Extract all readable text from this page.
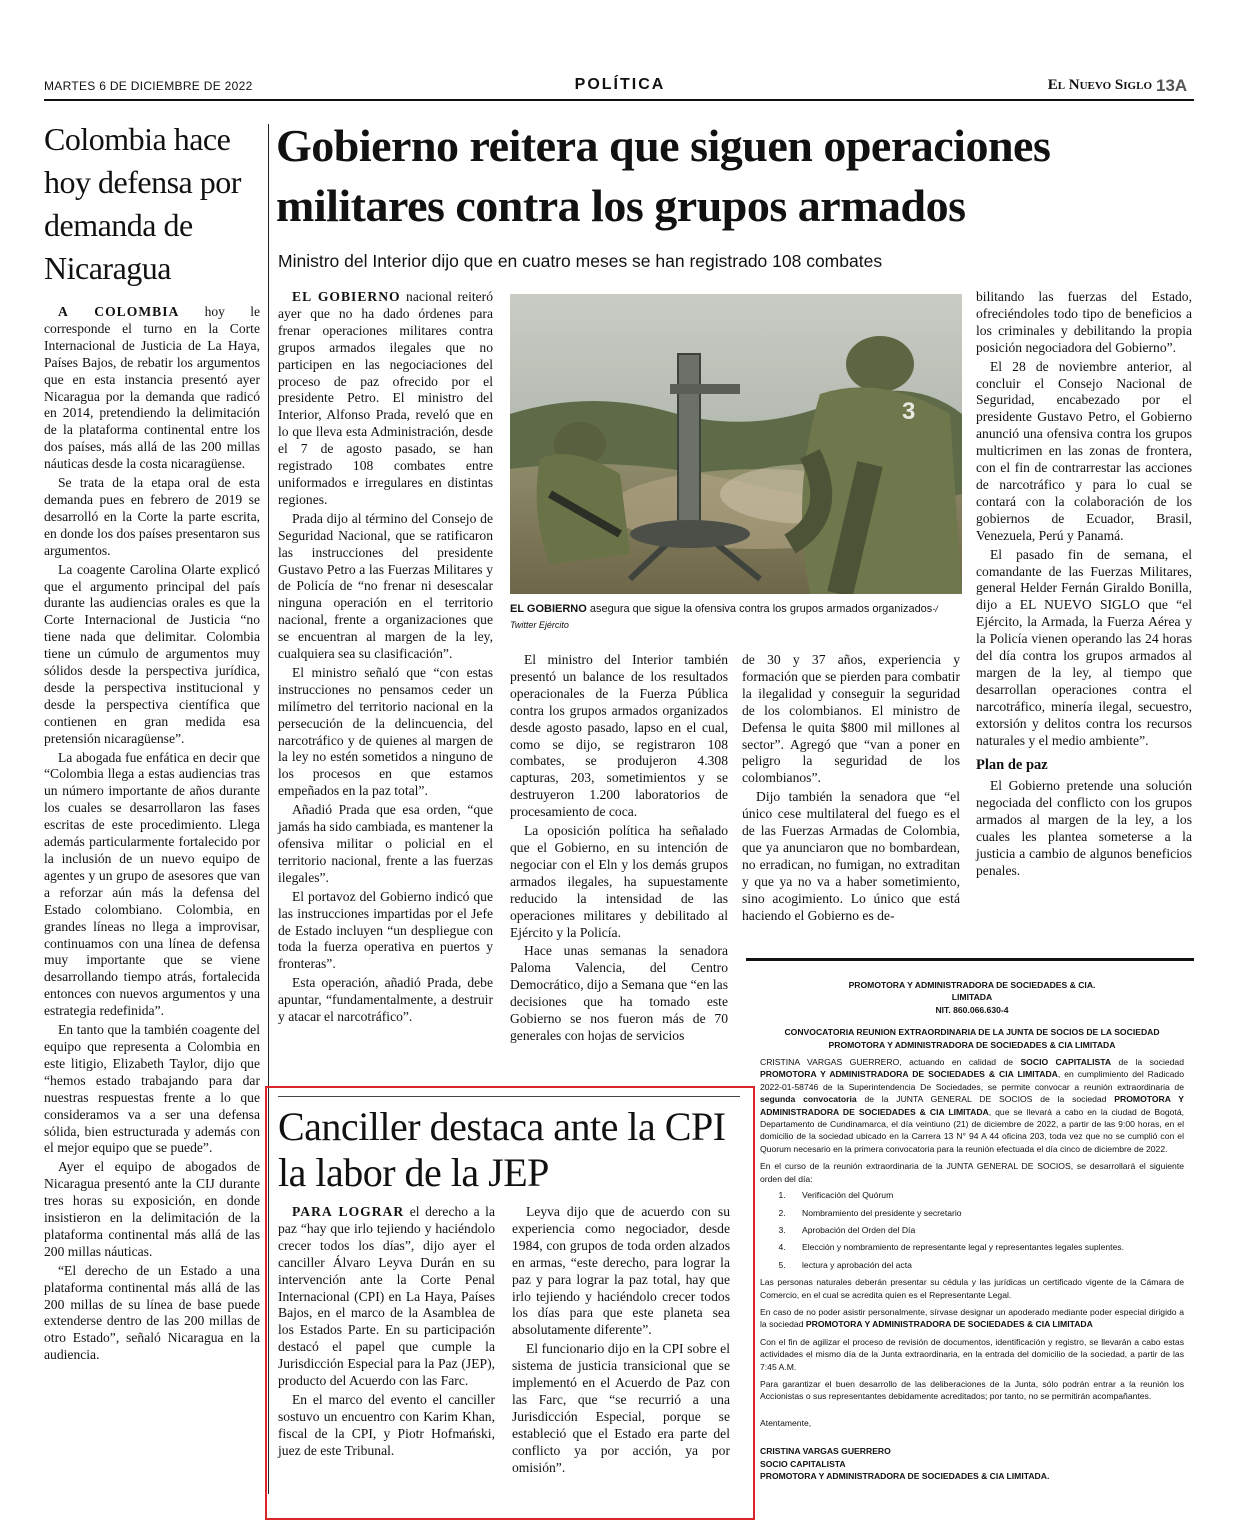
MARTES 6 DE DICIEMBRE DE 2022	POLÍTICA	El Nuevo Siglo 13A
Colombia hace hoy defensa por demanda de Nicaragua

A COLOMBIA hoy le corresponde el turno en la Corte Internacional de Justicia de La Haya, Países Bajos, de rebatir los argumentos que en esta instancia presentó ayer Nicaragua por la demanda que radicó en 2014, pretendiendo la delimitación de la plataforma continental entre los dos países, más allá de las 200 millas náuticas desde la costa nicaragüense.

Se trata de la etapa oral de esta demanda pues en febrero de 2019 se desarrolló en la Corte la parte escrita, en donde los dos países presentaron sus argumentos.

La coagente Carolina Olarte explicó que el argumento principal del país durante las audiencias orales es que la Corte Internacional de Justicia “no tiene nada que delimitar. Colombia tiene un cúmulo de argumentos muy sólidos desde la perspectiva jurídica, desde la perspectiva institucional y desde la perspectiva científica que contienen en gran medida esa pretensión nicaragüense”.

La abogada fue enfática en decir que “Colombia llega a estas audiencias tras un número importante de años durante los cuales se desarrollaron las fases escritas de este procedimiento. Llega además particularmente fortalecido por la inclusión de un nuevo equipo de agentes y un grupo de asesores que van a reforzar aún más la defensa del Estado colombiano. Colombia, en grandes líneas no llega a improvisar, continuamos con una línea de defensa muy importante que se viene desarrollando tiempo atrás, fortalecida entonces con nuevos argumentos y una estrategia redefinida”.

En tanto que la también coagente del equipo que representa a Colombia en este litigio, Elizabeth Taylor, dijo que “hemos estado trabajando para dar nuestras respuestas frente a lo que consideramos va a ser una defensa sólida, bien estructurada y además con el mejor equipo que se puede”.

Ayer el equipo de abogados de Nicaragua presentó ante la CIJ durante tres horas su exposición, en donde insistieron en la delimitación de la plataforma continental más allá de las 200 millas náuticas.

“El derecho de un Estado a una plataforma continental más allá de las 200 millas de su línea de base puede extenderse dentro de las 200 millas de otro Estado”, señaló Nicaragua en la audiencia.

Gobierno reitera que siguen operaciones militares contra los grupos armados
Ministro del Interior dijo que en cuatro meses se han registrado 108 combates

EL GOBIERNO nacional reiteró ayer que no ha dado órdenes para frenar operaciones militares contra grupos armados ilegales que no participen en las negociaciones del proceso de paz ofrecido por el presidente Petro. El ministro del Interior, Alfonso Prada, reveló que en lo que lleva esta Administración, desde el 7 de agosto pasado, se han registrado 108 combates entre uniformados e irregulares en distintas regiones.

Prada dijo al término del Consejo de Seguridad Nacional, que se ratificaron las instrucciones del presidente Gustavo Petro a las Fuerzas Militares y de Policía de “no frenar ni desescalar ninguna operación en el territorio nacional, frente a organizaciones que se encuentran al margen de la ley, cualquiera sea su clasificación”.

El ministro señaló que “con estas instrucciones no pensamos ceder un milímetro del territorio nacional en la persecución de la delincuencia, del narcotráfico y de quienes al margen de la ley no estén sometidos a ninguno de los procesos en que estamos empeñados en la paz total”.

Añadió Prada que esa orden, “que jamás ha sido cambiada, es mantener la ofensiva militar o policial en el territorio nacional, frente a las fuerzas ilegales”.

El portavoz del Gobierno indicó que las instrucciones impartidas por el Jefe de Estado incluyen “un despliegue con toda la fuerza operativa en puertos y fronteras”.

Esta operación, añadió Prada, debe apuntar, “fundamentalmente, a destruir y atacar el narcotráfico”.

3
EL GOBIERNO asegura que sigue la ofensiva contra los grupos armados organizados-/ Twitter Ejército

El ministro del Interior también presentó un balance de los resultados operacionales de la Fuerza Pública contra los grupos armados organizados desde agosto pasado, lapso en el cual, como se dijo, se registraron 108 combates, se produjeron 4.308 capturas, 203, sometimientos y se destruyeron 1.200 laboratorios de procesamiento de coca.

La oposición política ha señalado que el Gobierno, en su intención de negociar con el Eln y los demás grupos armados ilegales, ha supuestamente reducido la intensidad de las operaciones militares y debilitado al Ejército y la Policía.

Hace unas semanas la senadora Paloma Valencia, del Centro Democrático, dijo a Semana que “en las decisiones que ha tomado este Gobierno se nos fueron más de 70 generales con hojas de servicios

de 30 y 37 años, experiencia y formación que se pierden para combatir la ilegalidad y conseguir la seguridad de los colombianos. El ministro de Defensa le quita $800 mil millones al sector”. Agregó que “van a poner en peligro la seguridad de los colombianos”.

Dijo también la senadora que “el único cese multilateral del fuego es el de las Fuerzas Armadas de Colombia, que ya anunciaron que no bombardean, no erradican, no fumigan, no extraditan y que ya no va a haber sometimiento, sino acogimiento. Lo único que está haciendo el Gobierno es de-

bilitando las fuerzas del Estado, ofreciéndoles todo tipo de beneficios a los criminales y debilitando la propia posición negociadora del Gobierno”.

El 28 de noviembre anterior, al concluir el Consejo Nacional de Seguridad, encabezado por el presidente Gustavo Petro, el Gobierno anunció una ofensiva contra los grupos multicrimen en las zonas de frontera, con el fin de contrarrestar las acciones de narcotráfico y para lo cual se contará con la colaboración de los gobiernos de Ecuador, Brasil, Venezuela, Perú y Panamá.

El pasado fin de semana, el comandante de las Fuerzas Militares, general Helder Fernán Giraldo Bonilla, dijo a EL NUEVO SIGLO que “el Ejército, la Armada, la Fuerza Aérea y la Policía vienen operando las 24 horas del día contra los grupos armados al margen de la ley, al tiempo que desarrollan operaciones contra el narcotráfico, minería ilegal, secuestro, extorsión y delitos contra los recursos naturales y el medio ambiente”.

Plan de paz

El Gobierno pretende una solución negociada del conflicto con los grupos armados al margen de la ley, a los cuales les plantea someterse a la justicia a cambio de algunos beneficios penales.

Canciller destaca ante la CPI la labor de la JEP

PARA LOGRAR el derecho a la paz “hay que irlo tejiendo y haciéndolo crecer todos los días”, dijo ayer el canciller Álvaro Leyva Durán en su intervención ante la Corte Penal Internacional (CPI) en La Haya, Países Bajos, en el marco de la Asamblea de los Estados Parte. En su participación destacó el papel que cumple la Jurisdicción Especial para la Paz (JEP), producto del Acuerdo con las Farc.

En el marco del evento el canciller sostuvo un encuentro con Karim Khan, fiscal de la CPI, y Piotr Hofmański, juez de este Tribunal.

Leyva dijo que de acuerdo con su experiencia como negociador, desde 1984, con grupos de toda orden alzados en armas, “este derecho, para lograr la paz y para lograr la paz total, hay que irlo tejiendo y haciéndolo crecer todos los días para que este planeta sea absolutamente diferente”.

El funcionario dijo en la CPI sobre el sistema de justicia transicional que se implementó en el Acuerdo de Paz con las Farc, que “se recurrió a una Jurisdicción Especial, porque se estableció que el Estado era parte del conflicto ya por acción, ya por omisión”.

PROMOTORA Y ADMINISTRADORA DE SOCIEDADES & CIA.
LIMITADA
NIT. 860.066.630-4
CONVOCATORIA REUNION EXTRAORDINARIA DE LA JUNTA DE SOCIOS DE LA SOCIEDAD
PROMOTORA Y ADMINISTRADORA DE SOCIEDADES & CIA LIMITADA
CRISTINA VARGAS GUERRERO, actuando en calidad de SOCIO CAPITALISTA de la sociedad PROMOTORA Y ADMINISTRADORA DE SOCIEDADES & CIA LIMITADA, en cumplimiento del Radicado 2022-01-58746 de la Superintendencia De Sociedades, se permite convocar a reunión extraordinaria de segunda convocatoria de la JUNTA GENERAL DE SOCIOS de la sociedad PROMOTORA Y ADMINISTRADORA DE SOCIEDADES & CIA LIMITADA, que se llevará a cabo en la ciudad de Bogotá, Departamento de Cundinamarca, el día veintiuno (21) de diciembre de 2022, a partir de las 9:00 horas, en el domicilio de la sociedad ubicado en la Carrera 13 N° 94 A 44 oficina 203, toda vez que no se cumplió con el Quorum necesario en la primera convocatoria para la reunión efectuada el día cinco de diciembre de 2022.
En el curso de la reunión extraordinaria de la JUNTA GENERAL DE SOCIOS, se desarrollará el siguiente orden del día:
1. Verificación del Quórum
2. Nombramiento del presidente y secretario
3. Aprobación del Orden del Día
4. Elección y nombramiento de representante legal y representantes legales suplentes.
5. lectura y aprobación del acta
Las personas naturales deberán presentar su cédula y las jurídicas un certificado vigente de la Cámara de Comercio, en el cual se acredita quien es el Representante Legal.
En caso de no poder asistir personalmente, sírvase designar un apoderado mediante poder especial dirigido a la sociedad PROMOTORA Y ADMINISTRADORA DE SOCIEDADES & CIA LIMITADA
Con el fin de agilizar el proceso de revisión de documentos, identificación y registro, se llevarán a cabo estas actividades el mismo día de la Junta extraordinaria, en la entrada del domicilio de la sociedad, a partir de las 7:45 A.M.
Para garantizar el buen desarrollo de las deliberaciones de la Junta, sólo podrán entrar a la reunión los Accionistas o sus representantes debidamente acreditados; por tanto, no se permitirán acompañantes.
Atentamente,
CRISTINA VARGAS GUERRERO
SOCIO CAPITALISTA
PROMOTORA Y ADMINISTRADORA DE SOCIEDADES & CIA LIMITADA.
